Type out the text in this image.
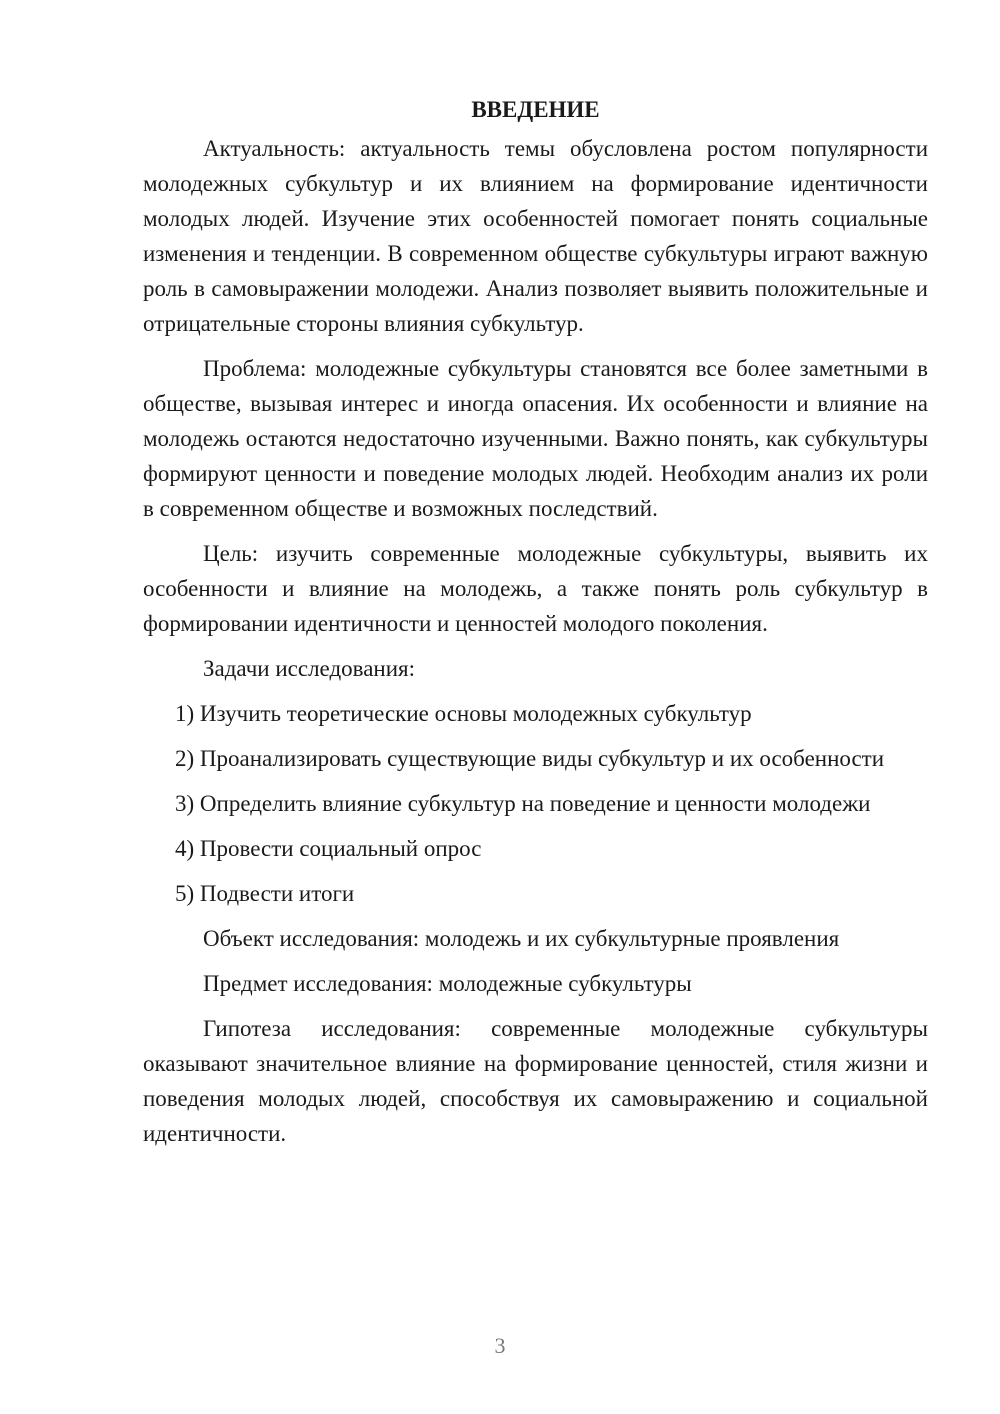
ВВЕДЕНИЕ

Актуальность: актуальность темы обусловлена ростом популярности молодежных субкультур и их влиянием на формирование идентичности молодых людей. Изучение этих особенностей помогает понять социальные изменения и тенденции. В современном обществе субкультуры играют важную роль в самовыражении молодежи. Анализ позволяет выявить положительные и отрицательные стороны влияния субкультур.

Проблема: молодежные субкультуры становятся все более заметными в обществе, вызывая интерес и иногда опасения. Их особенности и влияние на молодежь остаются недостаточно изученными. Важно понять, как субкультуры формируют ценности и поведение молодых людей. Необходим анализ их роли в современном обществе и возможных последствий.

Цель: изучить современные молодежные субкультуры, выявить их особенности и влияние на молодежь, а также понять роль субкультур в формировании идентичности и ценностей молодого поколения.

Задачи исследования:

1) Изучить теоретические основы молодежных субкультур

2) Проанализировать существующие виды субкультур и их особенности

3) Определить влияние субкультур на поведение и ценности молодежи

4) Провести социальный опрос

5) Подвести итоги

Объект исследования: молодежь и их субкультурные проявления

Предмет исследования: молодежные субкультуры

Гипотеза исследования: современные молодежные субкультуры оказывают значительное влияние на формирование ценностей, стиля жизни и поведения молодых людей, способствуя их самовыражению и социальной идентичности.

3
